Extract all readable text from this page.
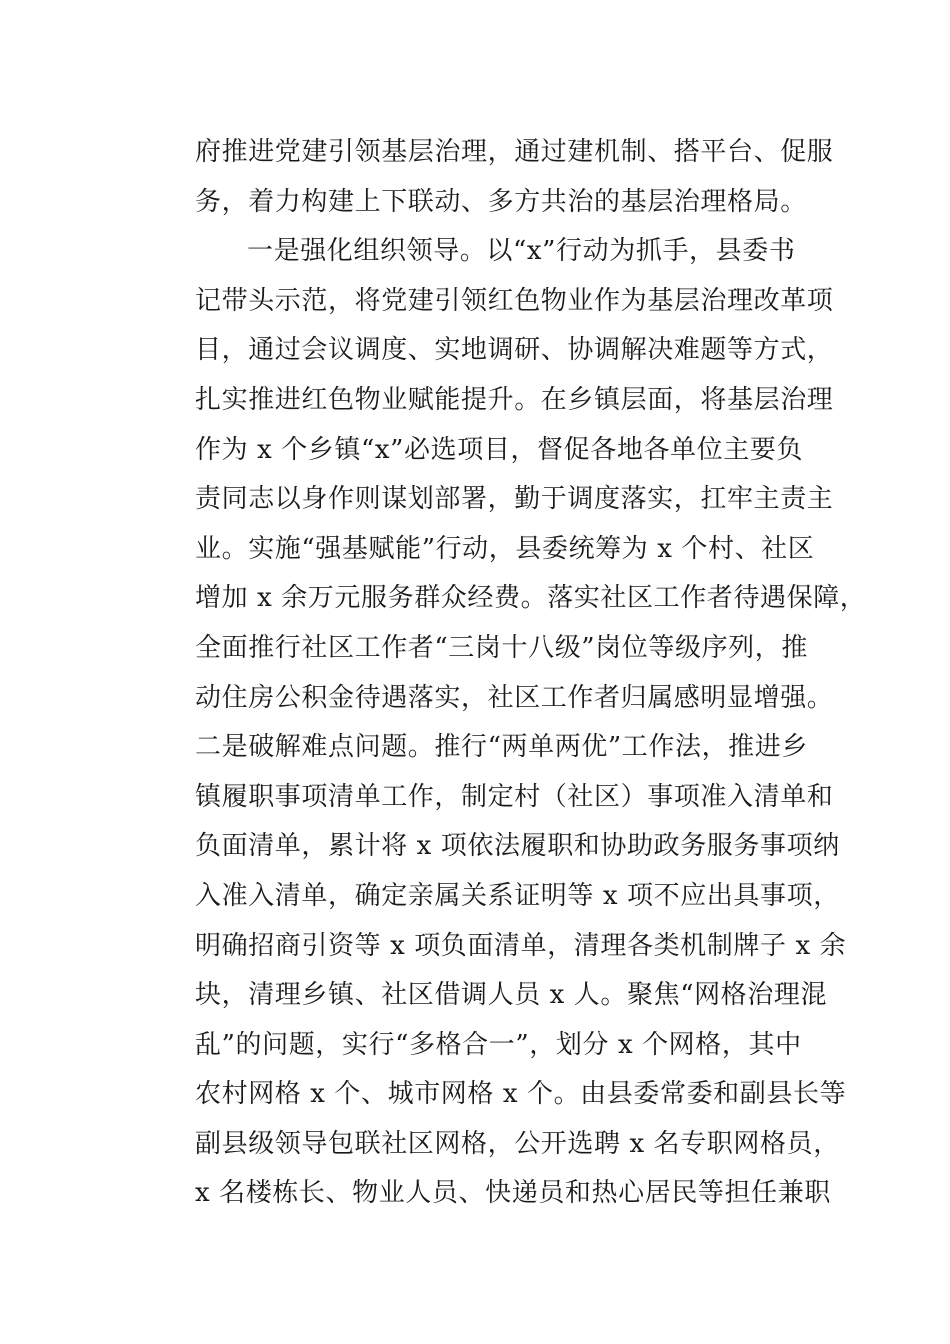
府推进党建引领基层治理，通过建机制、搭平台、促服
务，着力构建上下联动、多方共治的基层治理格局。
一是强化组织领导。以“x”行动为抓手，县委书
记带头示范，将党建引领红色物业作为基层治理改革项
目，通过会议调度、实地调研、协调解决难题等方式，
扎实推进红色物业赋能提升。在乡镇层面，将基层治理
作为 x 个乡镇“x”必选项目，督促各地各单位主要负
责同志以身作则谋划部署，勤于调度落实，扛牢主责主
业。实施“强基赋能”行动，县委统筹为 x 个村、社区
增加 x 余万元服务群众经费。落实社区工作者待遇保障，
全面推行社区工作者“三岗十八级”岗位等级序列，推
动住房公积金待遇落实，社区工作者归属感明显增强。
二是破解难点问题。推行“两单两优”工作法，推进乡
镇履职事项清单工作，制定村（社区）事项准入清单和
负面清单，累计将 x 项依法履职和协助政务服务事项纳
入准入清单，确定亲属关系证明等 x 项不应出具事项，
明确招商引资等 x 项负面清单，清理各类机制牌子 x 余
块，清理乡镇、社区借调人员 x 人。聚焦“网格治理混
乱”的问题，实行“多格合一”，划分 x 个网格，其中
农村网格 x 个、城市网格 x 个。由县委常委和副县长等
副县级领导包联社区网格，公开选聘 x 名专职网格员，
x 名楼栋长、物业人员、快递员和热心居民等担任兼职
